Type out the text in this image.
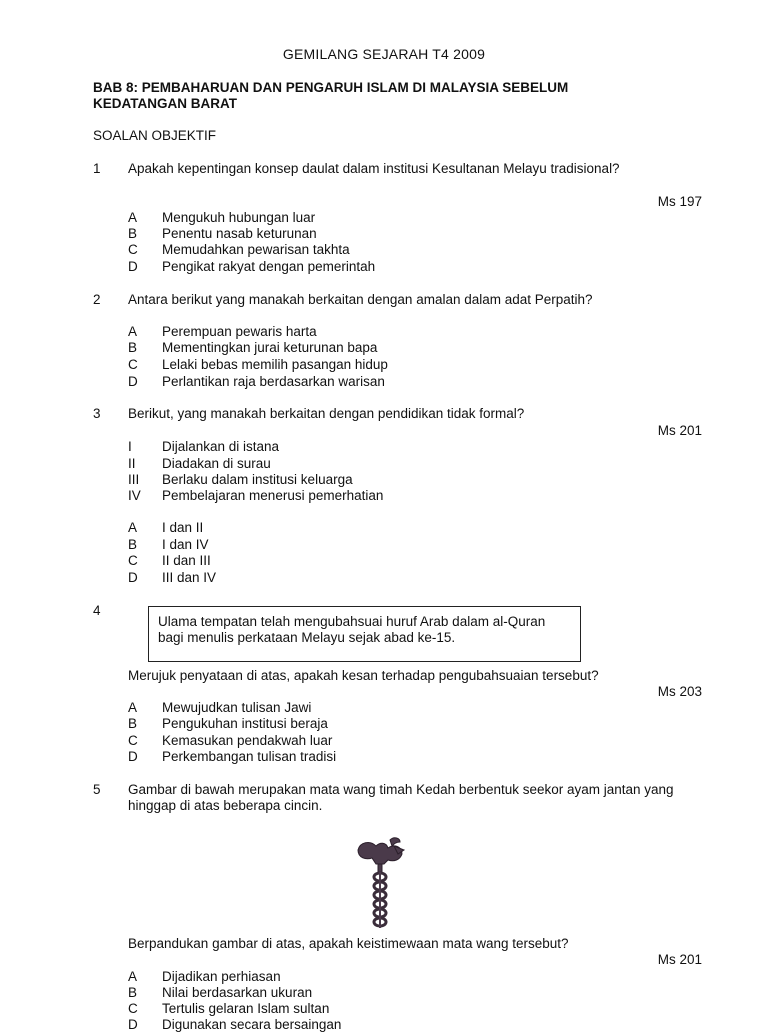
GEMILANG SEJARAH T4 2009
BAB 8: PEMBAHARUAN DAN PENGARUH ISLAM DI MALAYSIA SEBELUM
KEDATANGAN BARAT
SOALAN OBJEKTIF
1 Apakah kepentingan konsep daulat dalam institusi Kesultanan Melayu tradisional?
Ms 197
A Mengukuh hubungan luar
B Penentu nasab keturunan
C Memudahkan pewarisan takhta
D Pengikat rakyat dengan pemerintah
2 Antara berikut yang manakah berkaitan dengan amalan dalam adat Perpatih?
A Perempuan pewaris harta
B Mementingkan jurai keturunan bapa
C Lelaki bebas memilih pasangan hidup
D Perlantikan raja berdasarkan warisan
3 Berikut, yang manakah berkaitan dengan pendidikan tidak formal?
Ms 201
I Dijalankan di istana
II Diadakan di surau
III Berlaku dalam institusi keluarga
IV Pembelajaran menerusi pemerhatian
A I dan II
B I dan IV
C II dan III
D III dan IV
4
Ulama tempatan telah mengubahsuai huruf Arab dalam al-Quran
bagi menulis perkataan Melayu sejak abad ke-15.
Merujuk penyataan di atas, apakah kesan terhadap pengubahsuaian tersebut?
Ms 203
A Mewujudkan tulisan Jawi
B Pengukuhan institusi beraja
C Kemasukan pendakwah luar
D Perkembangan tulisan tradisi
5 Gambar di bawah merupakan mata wang timah Kedah berbentuk seekor ayam jantan yang hinggap di atas beberapa cincin.
Berpandukan gambar di atas, apakah keistimewaan mata wang tersebut?
Ms 201
A Dijadikan perhiasan
B Nilai berdasarkan ukuran
C Tertulis gelaran Islam sultan
D Digunakan secara bersaingan
